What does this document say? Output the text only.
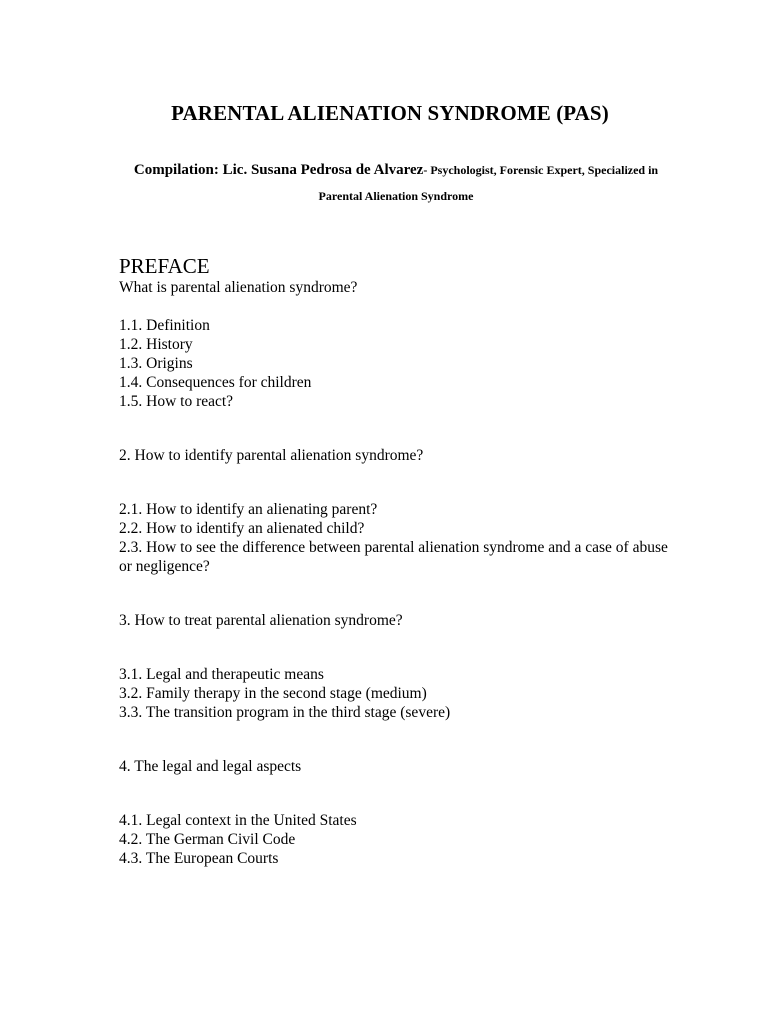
PARENTAL ALIENATION SYNDROME (PAS)
Compilation: Lic. Susana Pedrosa de Alvarez- Psychologist, Forensic Expert, Specialized in
Parental Alienation Syndrome

PREFACE

What is parental alienation syndrome?

1.1. Definition

1.2. History

1.3. Origins

1.4. Consequences for children

1.5. How to react?

2. How to identify parental alienation syndrome?

2.1. How to identify an alienating parent?

2.2. How to identify an alienated child?

2.3. How to see the difference between parental alienation syndrome and a case of abuse or negligence?

3. How to treat parental alienation syndrome?

3.1. Legal and therapeutic means

3.2. Family therapy in the second stage (medium)

3.3. The transition program in the third stage (severe)

4. The legal and legal aspects

4.1. Legal context in the United States

4.2. The German Civil Code

4.3. The European Courts
